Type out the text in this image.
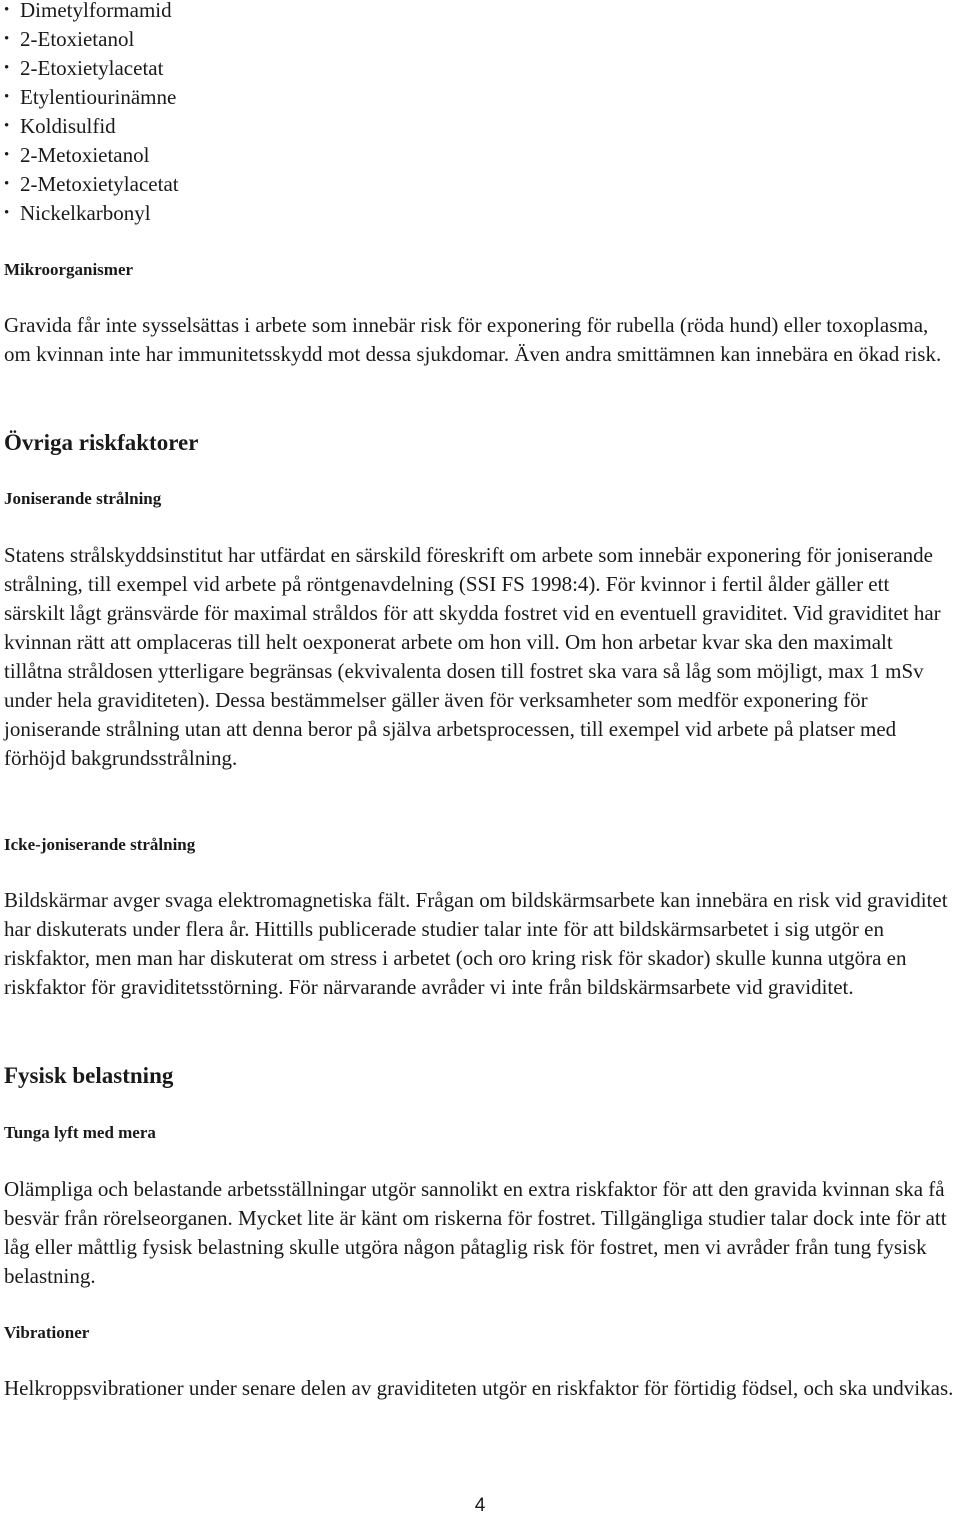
• Dimetylformamid
• 2-Etoxietanol
• 2-Etoxietylacetat
• Etylentiourinämne
• Koldisulfid
• 2-Metoxietanol
• 2-Metoxietylacetat
• Nickelkarbonyl
Mikroorganismer

Gravida får inte sysselsättas i arbete som innebär risk för exponering för rubella (röda hund) eller toxoplasma, om kvinnan inte har immunitetsskydd mot dessa sjukdomar. Även andra smittämnen kan innebära en ökad risk.

Övriga riskfaktorer
Joniserande strålning

Statens strålskyddsinstitut har utfärdat en särskild föreskrift om arbete som innebär exponering för joniserande strålning, till exempel vid arbete på röntgenavdelning (SSI FS 1998:4). För kvinnor i fertil ålder gäller ett särskilt lågt gränsvärde för maximal stråldos för att skydda fostret vid en eventuell graviditet. Vid graviditet har kvinnan rätt att omplaceras till helt oexponerat arbete om hon vill. Om hon arbetar kvar ska den maximalt tillåtna stråldosen ytterligare begränsas (ekvivalenta dosen till fostret ska vara så låg som möjligt, max 1 mSv under hela graviditeten). Dessa bestämmelser gäller även för verksamheter som medför exponering för joniserande strålning utan att denna beror på själva arbetsprocessen, till exempel vid arbete på platser med förhöjd bakgrundsstrålning.

Icke-joniserande strålning

Bildskärmar avger svaga elektromagnetiska fält. Frågan om bildskärmsarbete kan innebära en risk vid graviditet har diskuterats under flera år. Hittills publicerade studier talar inte för att bildskärmsarbetet i sig utgör en riskfaktor, men man har diskuterat om stress i arbetet (och oro kring risk för skador) skulle kunna utgöra en riskfaktor för graviditetsstörning. För närvarande avråder vi inte från bildskärmsarbete vid graviditet.

Fysisk belastning
Tunga lyft med mera

Olämpliga och belastande arbetsställningar utgör sannolikt en extra riskfaktor för att den gravida kvinnan ska få besvär från rörelseorganen. Mycket lite är känt om riskerna för fostret. Tillgängliga studier talar dock inte för att låg eller måttlig fysisk belastning skulle utgöra någon påtaglig risk för fostret, men vi avråder från tung fysisk belastning.

Vibrationer

Helkroppsvibrationer under senare delen av graviditeten utgör en riskfaktor för förtidig födsel, och ska undvikas.

4
